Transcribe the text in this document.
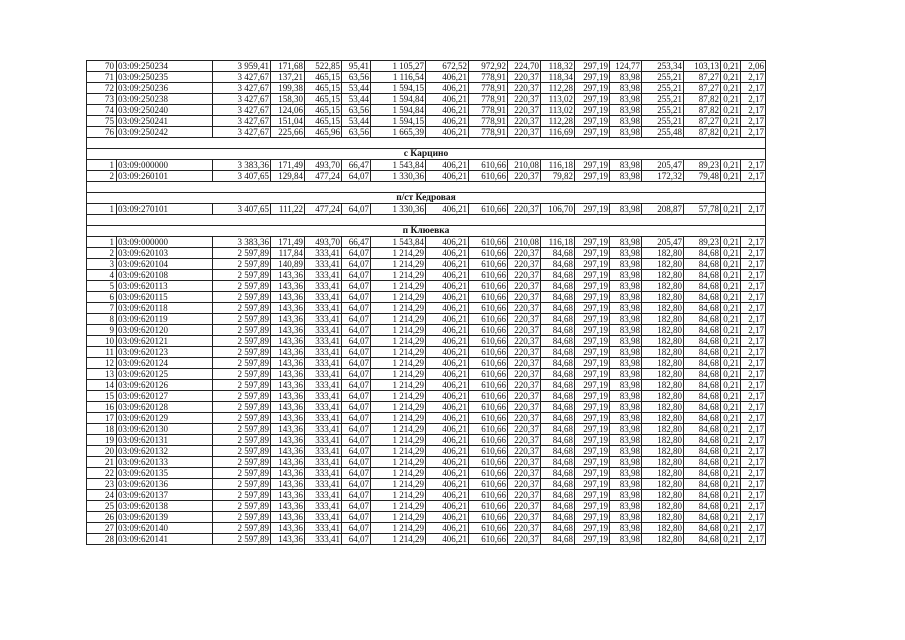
70	03:09:250234	3 959,41	171,68	522,85	95,41	1 105,27	672,52	972,92	224,70	118,32	297,19	124,77	253,34	103,13	0,21	2,06
71	03:09:250235	3 427,67	137,21	465,15	63,56	1 116,54	406,21	778,91	220,37	118,34	297,19	83,98	255,21	87,27	0,21	2,17
72	03:09:250236	3 427,67	199,38	465,15	53,44	1 594,15	406,21	778,91	220,37	112,28	297,19	83,98	255,21	87,27	0,21	2,17
73	03:09:250238	3 427,67	158,30	465,15	53,44	1 594,84	406,21	778,91	220,37	113,02	297,19	83,98	255,21	87,82	0,21	2,17
74	03:09:250240	3 427,67	124,06	465,15	63,56	1 594,84	406,21	778,91	220,37	113,02	297,19	83,98	255,21	87,82	0,21	2,17
75	03:09:250241	3 427,67	151,04	465,15	53,44	1 594,15	406,21	778,91	220,37	112,28	297,19	83,98	255,21	87,27	0,21	2,17
76	03:09:250242	3 427,67	225,66	465,96	63,56	1 665,39	406,21	778,91	220,37	116,69	297,19	83,98	255,48	87,82	0,21	2,17

с Карцино																
1	03:09:000000	3 383,36	171,49	493,70	66,47	1 543,84	406,21	610,66	210,08	116,18	297,19	83,98	205,47	89,23	0,21	2,17
2	03:09:260101	3 407,65	129,84	477,24	64,07	1 330,36	406,21	610,66	220,37	79,82	297,19	83,98	172,32	79,48	0,21	2,17

п/ст Кедровая																
1	03:09:270101	3 407,65	111,22	477,24	64,07	1 330,36	406,21	610,66	220,37	106,70	297,19	83,98	208,87	57,78	0,21	2,17

п Клюевка																
1	03:09:000000	3 383,36	171,49	493,70	66,47	1 543,84	406,21	610,66	210,08	116,18	297,19	83,98	205,47	89,23	0,21	2,17
2	03:09:620103	2 597,89	117,84	333,41	64,07	1 214,29	406,21	610,66	220,37	84,68	297,19	83,98	182,80	84,68	0,21	2,17
3	03:09:620104	2 597,89	140,89	333,41	64,07	1 214,29	406,21	610,66	220,37	84,68	297,19	83,98	182,80	84,68	0,21	2,17
4	03:09:620108	2 597,89	143,36	333,41	64,07	1 214,29	406,21	610,66	220,37	84,68	297,19	83,98	182,80	84,68	0,21	2,17
5	03:09:620113	2 597,89	143,36	333,41	64,07	1 214,29	406,21	610,66	220,37	84,68	297,19	83,98	182,80	84,68	0,21	2,17
6	03:09:620115	2 597,89	143,36	333,41	64,07	1 214,29	406,21	610,66	220,37	84,68	297,19	83,98	182,80	84,68	0,21	2,17
7	03:09:620118	2 597,89	143,36	333,41	64,07	1 214,29	406,21	610,66	220,37	84,68	297,19	83,98	182,80	84,68	0,21	2,17
8	03:09:620119	2 597,89	143,36	333,41	64,07	1 214,29	406,21	610,66	220,37	84,68	297,19	83,98	182,80	84,68	0,21	2,17
9	03:09:620120	2 597,89	143,36	333,41	64,07	1 214,29	406,21	610,66	220,37	84,68	297,19	83,98	182,80	84,68	0,21	2,17
10	03:09:620121	2 597,89	143,36	333,41	64,07	1 214,29	406,21	610,66	220,37	84,68	297,19	83,98	182,80	84,68	0,21	2,17
11	03:09:620123	2 597,89	143,36	333,41	64,07	1 214,29	406,21	610,66	220,37	84,68	297,19	83,98	182,80	84,68	0,21	2,17
12	03:09:620124	2 597,89	143,36	333,41	64,07	1 214,29	406,21	610,66	220,37	84,68	297,19	83,98	182,80	84,68	0,21	2,17
13	03:09:620125	2 597,89	143,36	333,41	64,07	1 214,29	406,21	610,66	220,37	84,68	297,19	83,98	182,80	84,68	0,21	2,17
14	03:09:620126	2 597,89	143,36	333,41	64,07	1 214,29	406,21	610,66	220,37	84,68	297,19	83,98	182,80	84,68	0,21	2,17
15	03:09:620127	2 597,89	143,36	333,41	64,07	1 214,29	406,21	610,66	220,37	84,68	297,19	83,98	182,80	84,68	0,21	2,17
16	03:09:620128	2 597,89	143,36	333,41	64,07	1 214,29	406,21	610,66	220,37	84,68	297,19	83,98	182,80	84,68	0,21	2,17
17	03:09:620129	2 597,89	143,36	333,41	64,07	1 214,29	406,21	610,66	220,37	84,68	297,19	83,98	182,80	84,68	0,21	2,17
18	03:09:620130	2 597,89	143,36	333,41	64,07	1 214,29	406,21	610,66	220,37	84,68	297,19	83,98	182,80	84,68	0,21	2,17
19	03:09:620131	2 597,89	143,36	333,41	64,07	1 214,29	406,21	610,66	220,37	84,68	297,19	83,98	182,80	84,68	0,21	2,17
20	03:09:620132	2 597,89	143,36	333,41	64,07	1 214,29	406,21	610,66	220,37	84,68	297,19	83,98	182,80	84,68	0,21	2,17
21	03:09:620133	2 597,89	143,36	333,41	64,07	1 214,29	406,21	610,66	220,37	84,68	297,19	83,98	182,80	84,68	0,21	2,17
22	03:09:620135	2 597,89	143,36	333,41	64,07	1 214,29	406,21	610,66	220,37	84,68	297,19	83,98	182,80	84,68	0,21	2,17
23	03:09:620136	2 597,89	143,36	333,41	64,07	1 214,29	406,21	610,66	220,37	84,68	297,19	83,98	182,80	84,68	0,21	2,17
24	03:09:620137	2 597,89	143,36	333,41	64,07	1 214,29	406,21	610,66	220,37	84,68	297,19	83,98	182,80	84,68	0,21	2,17
25	03:09:620138	2 597,89	143,36	333,41	64,07	1 214,29	406,21	610,66	220,37	84,68	297,19	83,98	182,80	84,68	0,21	2,17
26	03:09:620139	2 597,89	143,36	333,41	64,07	1 214,29	406,21	610,66	220,37	84,68	297,19	83,98	182,80	84,68	0,21	2,17
27	03:09:620140	2 597,89	143,36	333,41	64,07	1 214,29	406,21	610,66	220,37	84,68	297,19	83,98	182,80	84,68	0,21	2,17
28	03:09:620141	2 597,89	143,36	333,41	64,07	1 214,29	406,21	610,66	220,37	84,68	297,19	83,98	182,80	84,68	0,21	2,17
